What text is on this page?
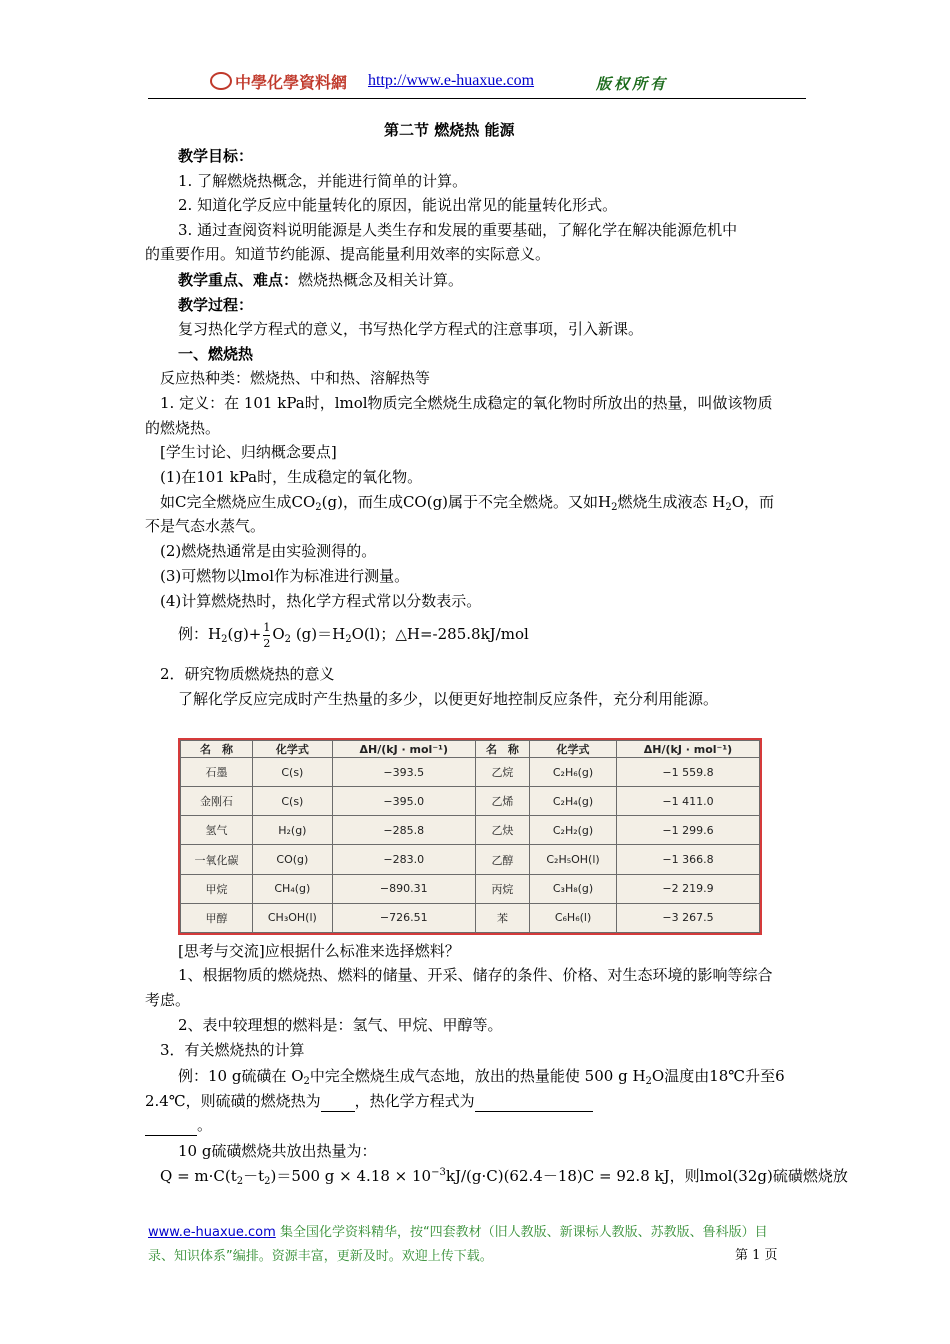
中學化學資料網 http://www.e-huaxue.com	版权所有
第二节 燃烧热 能源
教学目标：
1. 了解燃烧热概念，并能进行简单的计算。
2. 知道化学反应中能量转化的原因，能说出常见的能量转化形式。
3. 通过查阅资料说明能源是人类生存和发展的重要基础，了解化学在解决能源危机中
的重要作用。知道节约能源、提高能量利用效率的实际意义。
教学重点、难点：燃烧热概念及相关计算。
教学过程：
复习热化学方程式的意义，书写热化学方程式的注意事项，引入新课。
一、燃烧热
反应热种类：燃烧热、中和热、溶解热等
1. 定义：在 101 kPa时，lmol物质完全燃烧生成稳定的氧化物时所放出的热量，叫做该物质
的燃烧热。
[学生讨论、归纳概念要点]
(1)在101 kPa时，生成稳定的氧化物。
如C完全燃烧应生成$CO_2(g)$，而生成CO(g)属于不完全燃烧。又如$H_2$燃烧生成液态 $H_2O$，而
不是气态水蒸气。
(2)燃烧热通常是由实验测得的。
(3)可燃物以lmol作为标准进行测量。
(4)计算燃烧热时，热化学方程式常以分数表示。
例：$H_2(g)+ \frac{1}{2} O_2$ $(g)=H_2O(l)$；△H=-285.8kJ/mol
2．研究物质燃烧热的意义
了解化学反应完成时产生热量的多少，以便更好地控制反应条件，充分利用能源。
名　称	化学式	ΔH/(kJ · mol⁻¹)	名　称	化学式	ΔH/(kJ · mol⁻¹)
石墨	C(s)	−393.5	乙烷	C₂H₆(g)	−1 559.8
金刚石	C(s)	−395.0	乙烯	C₂H₄(g)	−1 411.0
氢气	H₂(g)	−285.8	乙炔	C₂H₂(g)	−1 299.6
一氧化碳	CO(g)	−283.0	乙醇	C₂H₅OH(l)	−1 366.8
甲烷	CH₄(g)	−890.31	丙烷	C₃H₈(g)	−2 219.9
甲醇	CH₃OH(l)	−726.51	苯	C₆H₆(l)	−3 267.5
[思考与交流]应根据什么标准来选择燃料？
1、根据物质的燃烧热、燃料的储量、开采、储存的条件、价格、对生态环境的影响等综合
考虑。
2、表中较理想的燃料是：氢气、甲烷、甲醇等。
3．有关燃烧热的计算
例：10 g硫磺在 $O_2$中完全燃烧生成气态地，放出的热量能使 500 g $H_2O$温度由18℃升至6
2.4℃，则硫磺的燃烧热为 ，热化学方程式为
。
10 g硫磺燃烧共放出热量为：
$Q = m\cdot C(t_2-t_2)=500$ $g \times 4.18 \times 10^{-3}kJ/(g\cdot C)(62.4-18)C = 92.8$ kJ，则lmol(32g)硫磺燃烧放
www.e-huaxue.com 集全国化学资料精华，按“四套教材（旧人教版、新课标人教版、苏教版、鲁科版）目
录、知识体系”编排。资源丰富，更新及时。欢迎上传下载。	第 1 页
